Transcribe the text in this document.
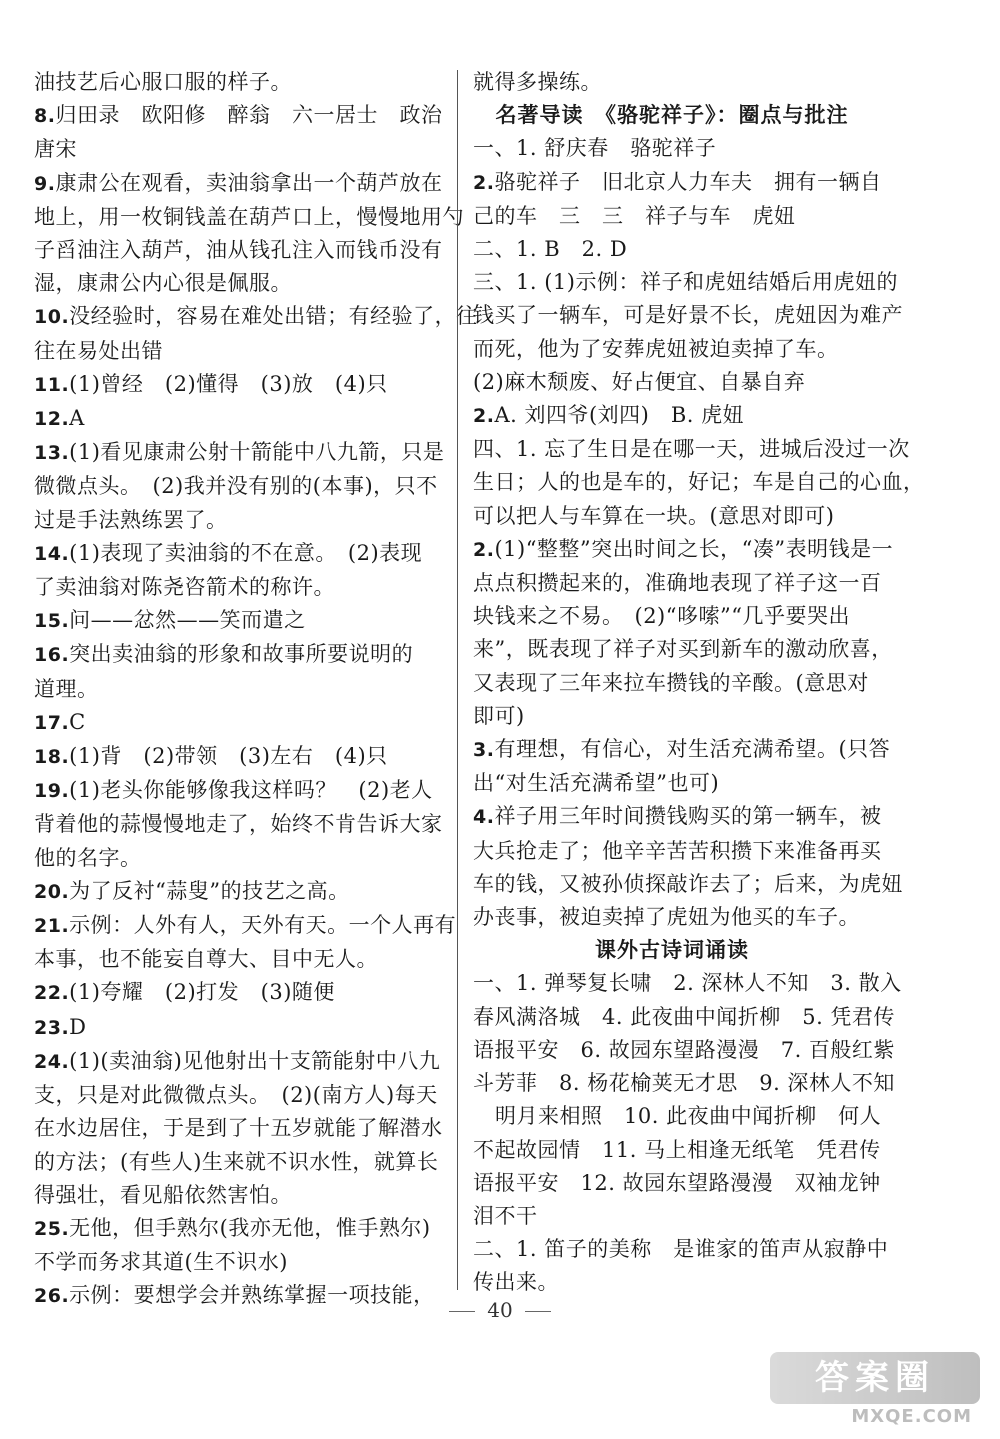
油技艺后心服口服的样子。
8.归田录　欧阳修　醉翁　六一居士　政治
唐宋
9.康肃公在观看，卖油翁拿出一个葫芦放在
地上，用一枚铜钱盖在葫芦口上，慢慢地用勺
子舀油注入葫芦，油从钱孔注入而钱币没有
湿，康肃公内心很是佩服。
10.没经验时，容易在难处出错；有经验了，往
往在易处出错
11.(1)曾经　(2)懂得　(3)放　(4)只
12.A
13.(1)看见康肃公射十箭能中八九箭，只是
微微点头。　(2)我并没有别的(本事)，只不
过是手法熟练罢了。
14.(1)表现了卖油翁的不在意。　(2)表现
了卖油翁对陈尧咨箭术的称许。
15.问——忿然——笑而遣之
16.突出卖油翁的形象和故事所要说明的
道理。
17.C
18.(1)背　(2)带领　(3)左右　(4)只
19.(1)老头你能够像我这样吗？　(2)老人
背着他的蒜慢慢地走了，始终不肯告诉大家
他的名字。
20.为了反衬“蒜叟”的技艺之高。
21.示例：人外有人，天外有天。一个人再有
本事，也不能妄自尊大、目中无人。
22.(1)夸耀　(2)打发　(3)随便
23.D
24.(1)(卖油翁)见他射出十支箭能射中八九
支，只是对此微微点头。　(2)(南方人)每天
在水边居住，于是到了十五岁就能了解潜水
的方法；(有些人)生来就不识水性，就算长
得强壮，看见船依然害怕。
25.无他，但手熟尔(我亦无他，惟手熟尔)
不学而务求其道(生不识水)
26.示例：要想学会并熟练掌握一项技能，
就得多操练。
名著导读　《骆驼祥子》：圈点与批注
一、1. 舒庆春　骆驼祥子
2.骆驼祥子　旧北京人力车夫　拥有一辆自
己的车　三　三　祥子与车　虎妞
二、1. B　2. D
三、1. (1)示例：祥子和虎妞结婚后用虎妞的
钱买了一辆车，可是好景不长，虎妞因为难产
而死，他为了安葬虎妞被迫卖掉了车。
(2)麻木颓废、好占便宜、自暴自弃
2.A. 刘四爷(刘四)　B. 虎妞
四、1. 忘了生日是在哪一天，进城后没过一次
生日；人的也是车的，好记；车是自己的心血，
可以把人与车算在一块。(意思对即可)
2.(1)“整整”突出时间之长，“凑”表明钱是一
点点积攒起来的，准确地表现了祥子这一百
块钱来之不易。　(2)“哆嗦”“几乎要哭出
来”，既表现了祥子对买到新车的激动欣喜，
又表现了三年来拉车攒钱的辛酸。(意思对
即可)
3.有理想，有信心，对生活充满希望。(只答
出“对生活充满希望”也可)
4.祥子用三年时间攒钱购买的第一辆车，被
大兵抢走了；他辛辛苦苦积攒下来准备再买
车的钱，又被孙侦探敲诈去了；后来，为虎妞
办丧事，被迫卖掉了虎妞为他买的车子。
课外古诗词诵读
一、1. 弹琴复长啸　2. 深林人不知　3. 散入
春风满洛城　4. 此夜曲中闻折柳　5. 凭君传
语报平安　6. 故园东望路漫漫　7. 百般红紫
斗芳菲　8. 杨花榆荚无才思　9. 深林人不知
明月来相照　10. 此夜曲中闻折柳　何人
不起故园情　11. 马上相逢无纸笔　凭君传
语报平安　12. 故园东望路漫漫　双袖龙钟
泪不干
二、1. 笛子的美称　是谁家的笛声从寂静中
传出来。
40
答案圈
MXQE.COM
